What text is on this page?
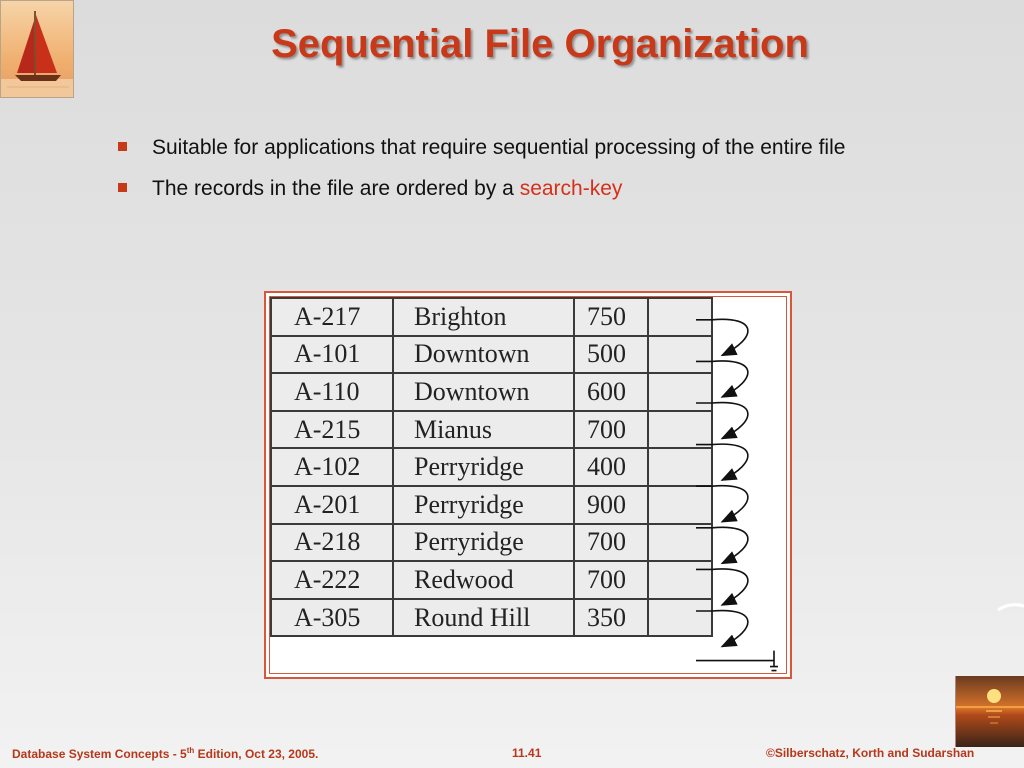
Sequential File Organization
Suitable for applications that require sequential processing of the entire file
The records in the file are ordered by a search-key
A-217	Brighton	750	
A-101	Downtown	500	
A-110	Downtown	600	
A-215	Mianus	700	
A-102	Perryridge	400	
A-201	Perryridge	900	
A-218	Perryridge	700	
A-222	Redwood	700	
A-305	Round Hill	350	
Database System Concepts - 5th Edition, Oct 23, 2005.	11.41	©Silberschatz, Korth and Sudarshan
